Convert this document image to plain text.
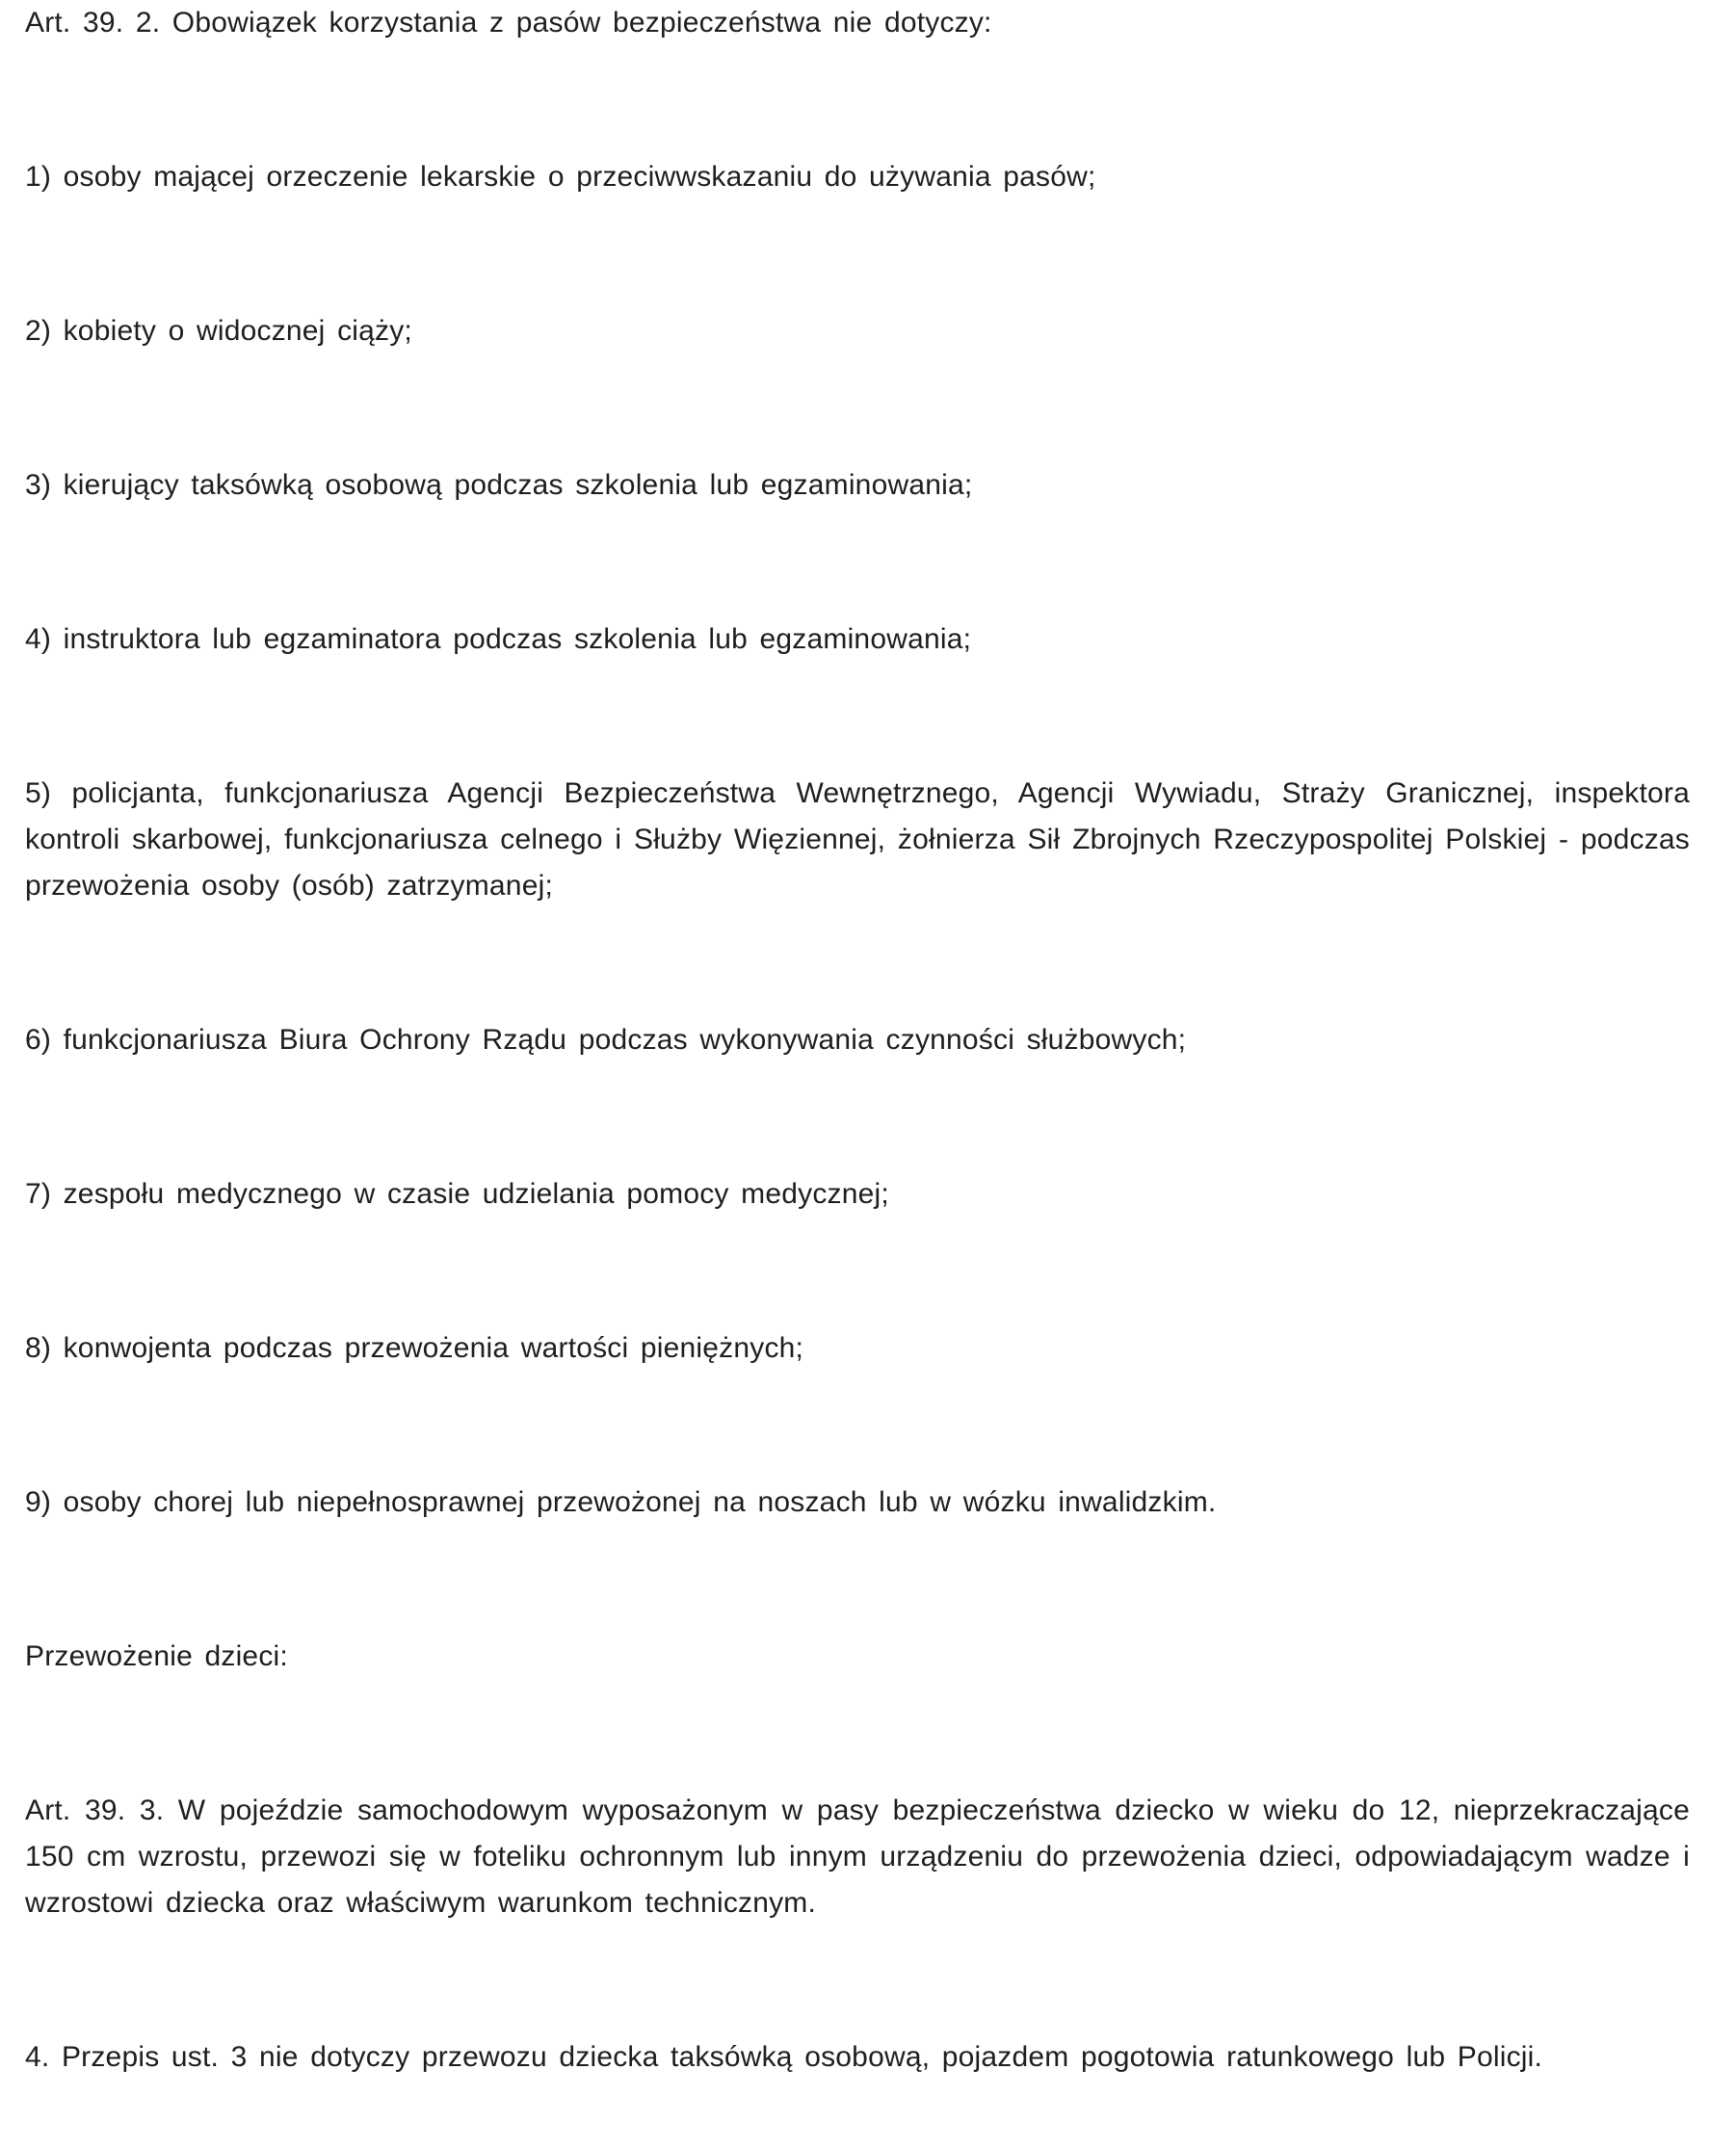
Art. 39. 2. Obowiązek korzystania z pasów bezpieczeństwa nie dotyczy:

1) osoby mającej orzeczenie lekarskie o przeciwwskazaniu do używania pasów;

2) kobiety o widocznej ciąży;

3) kierujący taksówką osobową podczas szkolenia lub egzaminowania;

4) instruktora lub egzaminatora podczas szkolenia lub egzaminowania;

5) policjanta, funkcjonariusza Agencji Bezpieczeństwa Wewnętrznego, Agencji Wywiadu, Straży Granicznej, inspektora kontroli skarbowej, funkcjonariusza celnego i Służby Więziennej, żołnierza Sił Zbrojnych Rzeczypospolitej Polskiej - podczas przewożenia osoby (osób) zatrzymanej;

6) funkcjonariusza Biura Ochrony Rządu podczas wykonywania czynności służbowych;

7) zespołu medycznego w czasie udzielania pomocy medycznej;

8) konwojenta podczas przewożenia wartości pieniężnych;

9) osoby chorej lub niepełnosprawnej przewożonej na noszach lub w wózku inwalidzkim.

Przewożenie dzieci:

Art. 39. 3. W pojeździe samochodowym wyposażonym w pasy bezpieczeństwa dziecko w wieku do 12, nieprzekraczające 150 cm wzrostu, przewozi się w foteliku ochronnym lub innym urządzeniu do przewożenia dzieci, odpowiadającym wadze i wzrostowi dziecka oraz właściwym warunkom technicznym.

4. Przepis ust. 3 nie dotyczy przewozu dziecka taksówką osobową, pojazdem pogotowia ratunkowego lub Policji.
